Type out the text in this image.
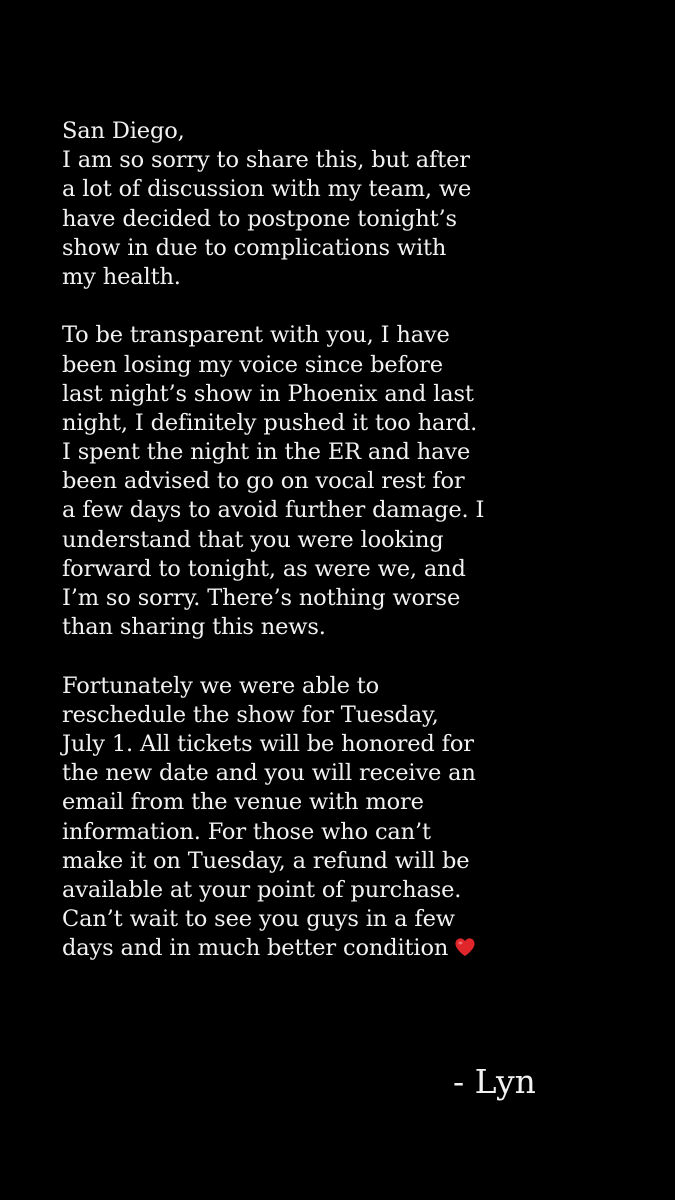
San Diego,
I am so sorry to share this, but after
a lot of discussion with my team, we
have decided to postpone tonight’s
show in due to complications with
my health.
To be transparent with you, I have
been losing my voice since before
last night’s show in Phoenix and last
night, I definitely pushed it too hard.
I spent the night in the ER and have
been advised to go on vocal rest for
a few days to avoid further damage. I
understand that you were looking
forward to tonight, as were we, and
I’m so sorry. There’s nothing worse
than sharing this news.
Fortunately we were able to
reschedule the show for Tuesday,
July 1. All tickets will be honored for
the new date and you will receive an
email from the venue with more
information. For those who can’t
make it on Tuesday, a refund will be
available at your point of purchase.
Can’t wait to see you guys in a few
days and in much better condition
- Lyn
